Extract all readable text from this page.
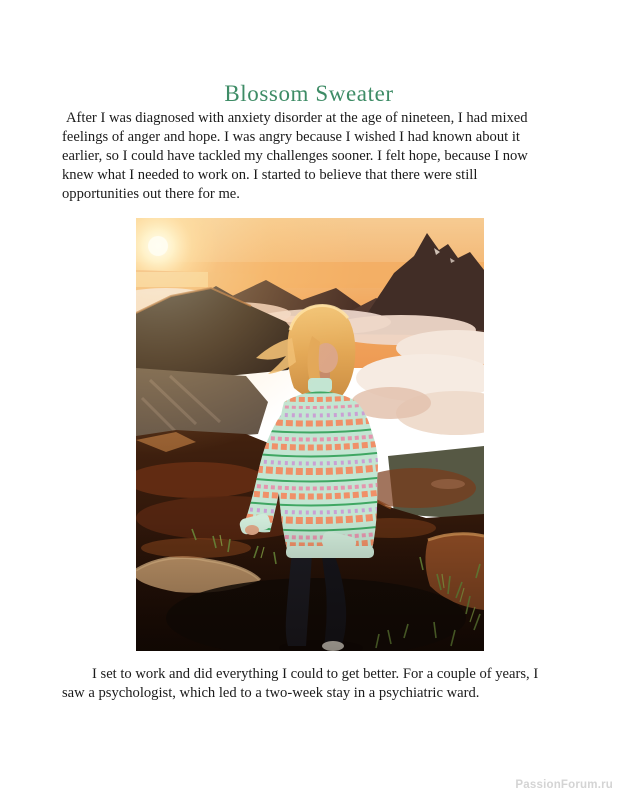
Blossom Sweater

After I was diagnosed with anxiety disorder at the age of nineteen, I had mixed feelings of anger and hope. I was angry because I wished I had known about it earlier, so I could have tackled my challenges sooner. I felt hope, because I now knew what I needed to work on. I started to believe that there were still opportunities out there for me.

I set to work and did everything I could to get better. For a couple of years, I saw a psychologist, which led to a two-week stay in a psychiatric ward.

PassionForum.ru
